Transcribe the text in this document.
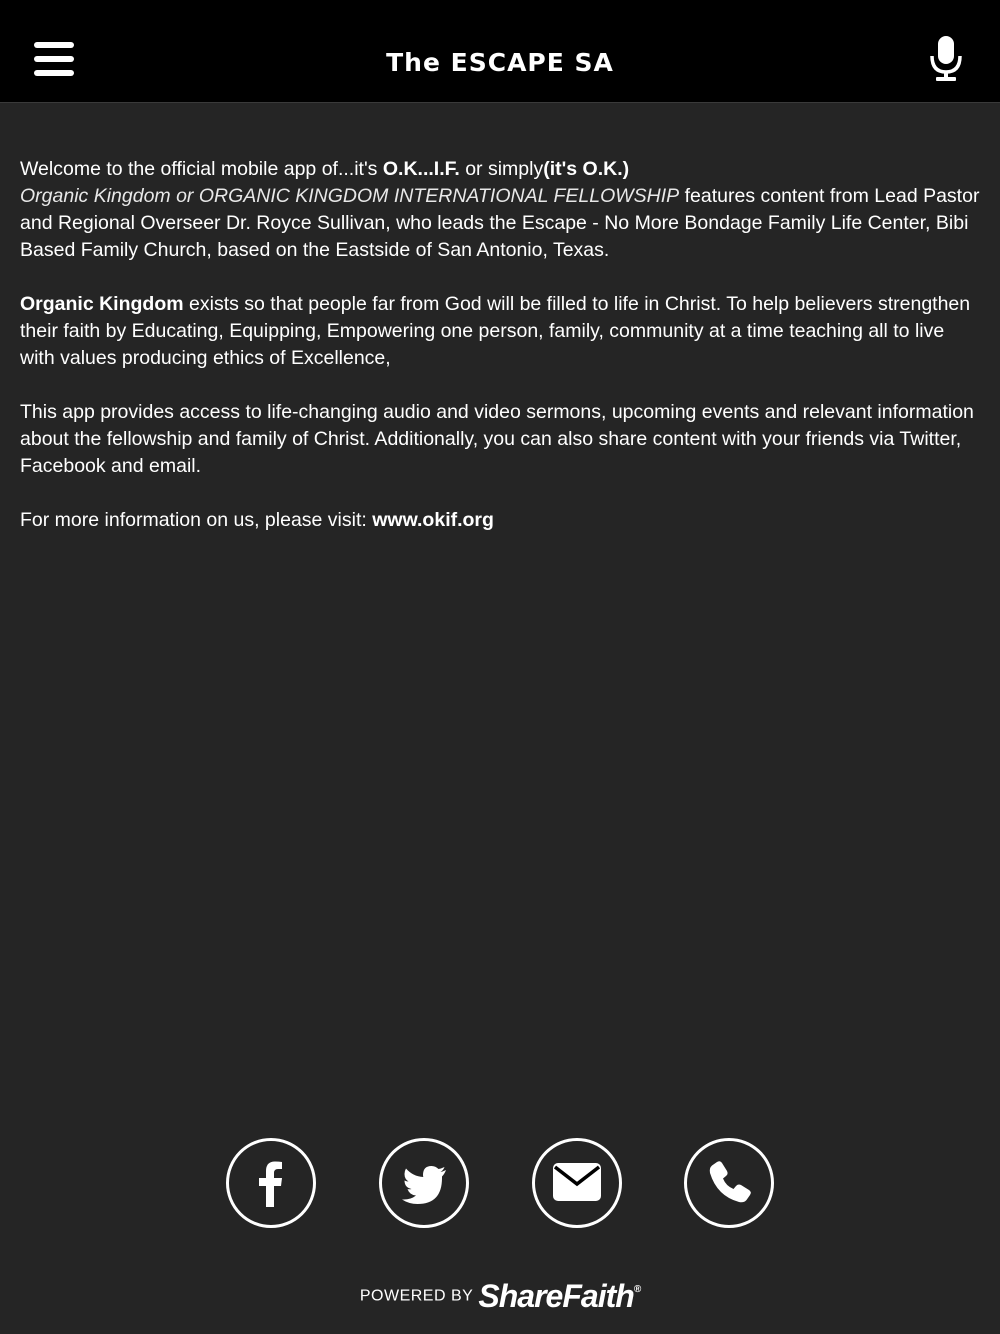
The ESCAPE SA

Welcome to the official mobile app of...it's O.K...I.F. or simply(it's O.K.)
Organic Kingdom or ORGANIC KINGDOM INTERNATIONAL FELLOWSHIP features content from Lead Pastor and Regional Overseer Dr. Royce Sullivan, who leads the Escape - No More Bondage Family Life Center, Bibi Based Family Church, based on the Eastside of San Antonio, Texas.

Organic Kingdom exists so that people far from God will be filled to life in Christ. To help believers strengthen their faith by Educating, Equipping, Empowering one person, family, community at a time teaching all to live with values producing ethics of Excellence,

This app provides access to life-changing audio and video sermons, upcoming events and relevant information about the fellowship and family of Christ. Additionally, you can also share content with your friends via Twitter, Facebook and email.

For more information on us, please visit: www.okif.org

POWERED BY ShareFaith®
